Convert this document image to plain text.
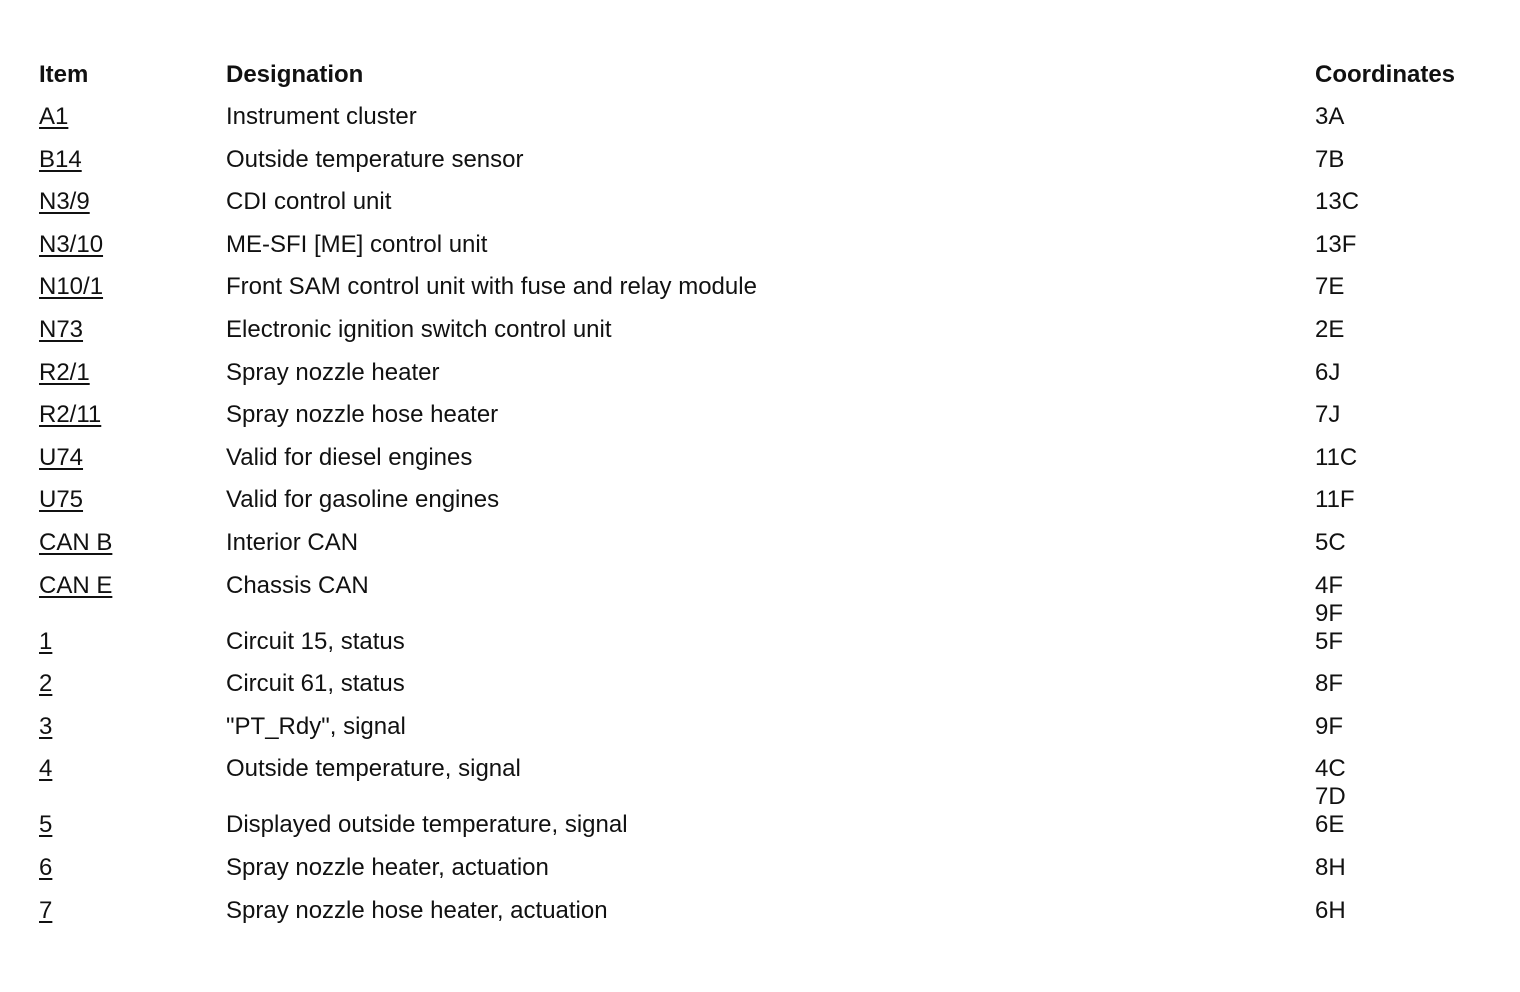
Item	Designation	Coordinates
A1	Instrument cluster	3A
B14	Outside temperature sensor	7B
N3/9	CDI control unit	13C
N3/10	ME-SFI [ME] control unit	13F
N10/1	Front SAM control unit with fuse and relay module	7E
N73	Electronic ignition switch control unit	2E
R2/1	Spray nozzle heater	6J
R2/11	Spray nozzle hose heater	7J
U74	Valid for diesel engines	11C
U75	Valid for gasoline engines	11F
CAN B	Interior CAN	5C
CAN E	Chassis CAN	4F
9F
1	Circuit 15, status	5F
2	Circuit 61, status	8F
3	"PT_Rdy", signal	9F
4	Outside temperature, signal	4C
7D
5	Displayed outside temperature, signal	6E
6	Spray nozzle heater, actuation	8H
7	Spray nozzle hose heater, actuation	6H
